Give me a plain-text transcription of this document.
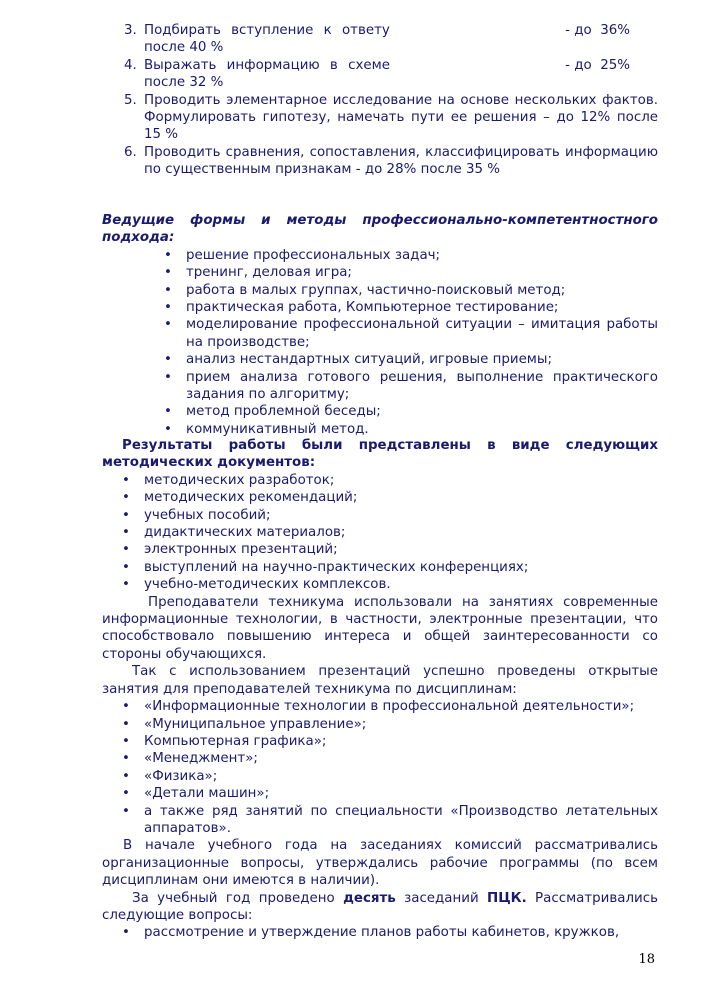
3. Подбирать вступление к ответу	- до  36%
после 40 %
4. Выражать информацию в схеме	- до  25%
после 32 %
5. Проводить элементарное исследование на основе нескольких фактов. Формулировать гипотезу, намечать пути ее решения – до 12% после 15 %
6. Проводить сравнения, сопоставления, классифицировать информацию по существенным признакам - до 28% после 35 %

Ведущие формы и методы профессионально-компетентностного подхода:

• решение профессиональных задач;
• тренинг, деловая игра;
• работа в малых группах, частично-поисковый метод;
• практическая работа, Компьютерное тестирование;
• моделирование профессиональной ситуации – имитация работы на производстве;
• анализ нестандартных ситуаций, игровые приемы;
• прием анализа готового решения, выполнение практического задания по алгоритму;
• метод проблемной беседы;
• коммуникативный метод.

Результаты работы были представлены в виде следующих методических документов:

• методических разработок;
• методических рекомендаций;
• учебных пособий;
• дидактических материалов;
• электронных презентаций;
• выступлений на научно-практических конференциях;
• учебно-методических комплексов.

Преподаватели техникума использовали на занятиях современные информационные технологии, в частности, электронные презентации, что способствовало повышению интереса и общей заинтересованности со стороны обучающихся.

Так с использованием презентаций успешно проведены открытые занятия для преподавателей техникума по дисциплинам:

• «Информационные технологии в профессиональной деятельности»;
• «Муниципальное управление»;
• Компьютерная графика»;
• «Менеджмент»;
• «Физика»;
• «Детали машин»;
• а также ряд занятий по специальности «Производство летательных аппаратов».

В начале учебного года на заседаниях комиссий рассматривались организационные вопросы, утверждались рабочие программы (по всем дисциплинам они имеются в наличии).

За учебный год проведено десять заседаний ПЦК. Рассматривались следующие вопросы:

• рассмотрение и утверждение планов работы кабинетов, кружков,
18
